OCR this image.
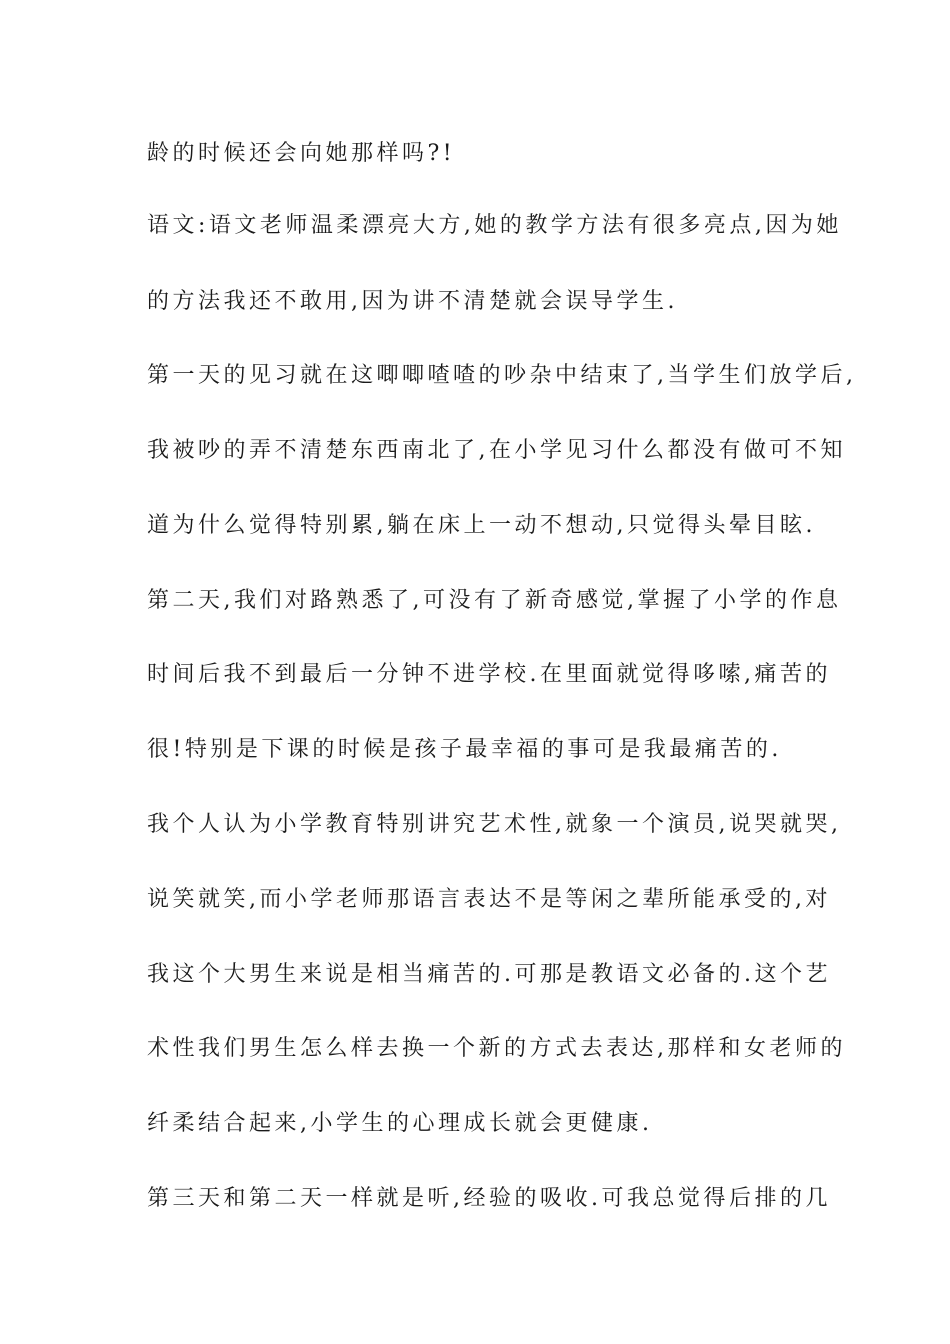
龄的时候还会向她那样吗?!
语文:语文老师温柔漂亮大方,她的教学方法有很多亮点,因为她
的方法我还不敢用,因为讲不清楚就会误导学生.
第一天的见习就在这唧唧喳喳的吵杂中结束了,当学生们放学后,
我被吵的弄不清楚东西南北了,在小学见习什么都没有做可不知
道为什么觉得特别累,躺在床上一动不想动,只觉得头晕目眩.
第二天,我们对路熟悉了,可没有了新奇感觉,掌握了小学的作息
时间后我不到最后一分钟不进学校.在里面就觉得哆嗦,痛苦的
很!特别是下课的时候是孩子最幸福的事可是我最痛苦的.
我个人认为小学教育特别讲究艺术性,就象一个演员,说哭就哭,
说笑就笑,而小学老师那语言表达不是等闲之辈所能承受的,对
我这个大男生来说是相当痛苦的.可那是教语文必备的.这个艺
术性我们男生怎么样去换一个新的方式去表达,那样和女老师的
纤柔结合起来,小学生的心理成长就会更健康.
第三天和第二天一样就是听,经验的吸收.可我总觉得后排的几
